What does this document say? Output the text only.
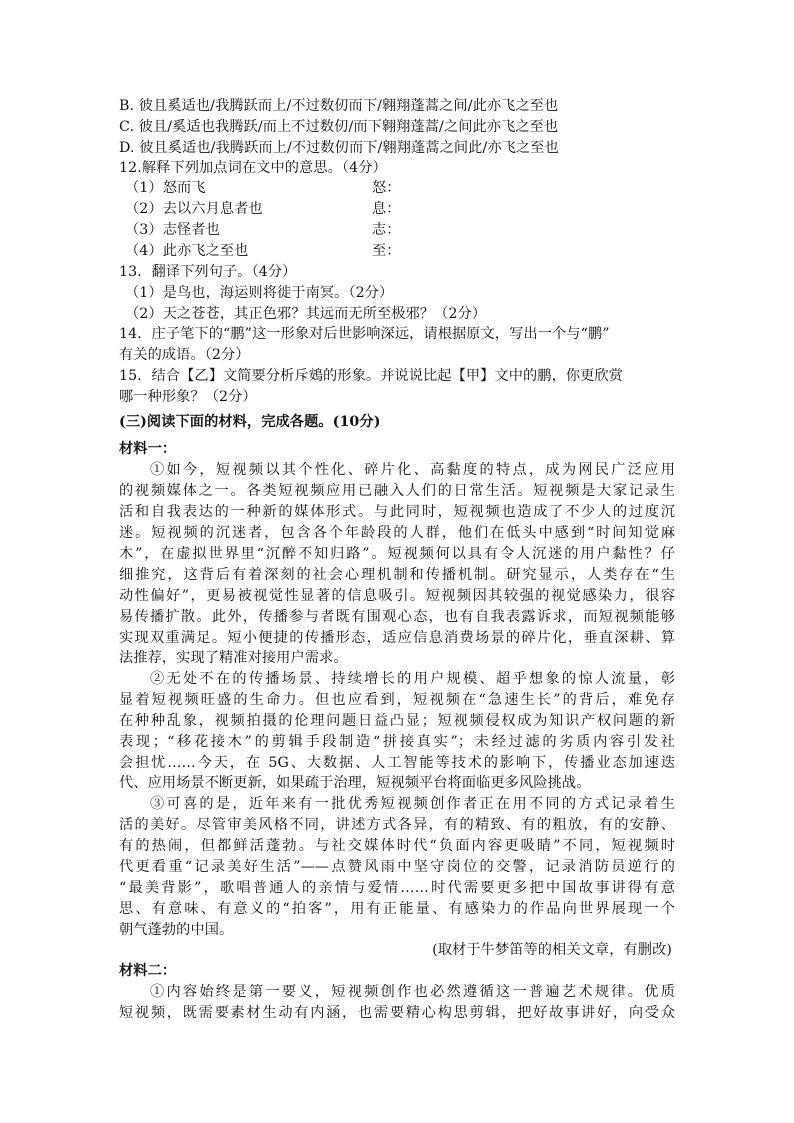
B. 彼且奚适也/我腾跃而上/不过数仞而下/翱翔蓬蒿之间/此亦飞之至也
C. 彼且/奚适也我腾跃/而上不过数仞/而下翱翔蓬蒿/之间此亦飞之至也
D. 彼且奚适也/我腾跃而上/不过数仞而下/翱翔蓬蒿之间此/亦飞之至也
12.解释下列加点词在文中的意思。（4分）
（1）怒而飞	怒：
（2）去以六月息者也	息：
（3）志怪者也	志：
（4）此亦飞之至也	至：
13．翻译下列句子。（4分）
（1）是鸟也，海运则将徙于南冥。（2分）
（2）天之苍苍，其正色邪？其远而无所至极邪？（2分）
14．庄子笔下的“鹏”这一形象对后世影响深远，请根据原文，写出一个与“鹏”
有关的成语。（2分）
15．结合【乙】文简要分析斥鴳的形象。并说说比起【甲】文中的鹏，你更欣赏
哪一种形象？（2分）
(三)阅读下面的材料，完成各题。(10分)
材料一：
①如今，短视频以其个性化、碎片化、高黏度的特点，成为网民广泛应用
的视频媒体之一。各类短视频应用已融入人们的日常生活。短视频是大家记录生
活和自我表达的一种新的媒体形式。与此同时，短视频也造成了不少人的过度沉
迷。短视频的沉迷者，包含各个年龄段的人群，他们在低头中感到“时间知觉麻
木”，在虚拟世界里“沉醉不知归路”。短视频何以具有令人沉迷的用户黏性？仔
细推究，这背后有着深刻的社会心理机制和传播机制。研究显示，人类存在“生
动性偏好”，更易被视觉性显著的信息吸引。短视频因其较强的视觉感染力，很容
易传播扩散。此外，传播参与者既有围观心态，也有自我表露诉求，而短视频能够
实现双重满足。短小便捷的传播形态，适应信息消费场景的碎片化，垂直深耕、算
法推荐，实现了精准对接用户需求。
②无处不在的传播场景、持续增长的用户规模、超乎想象的惊人流量，彰
显着短视频旺盛的生命力。但也应看到，短视频在“急速生长”的背后，难免存
在种种乱象，视频拍摄的伦理问题日益凸显；短视频侵权成为知识产权问题的新
表现；“移花接木”的剪辑手段制造“拼接真实”；未经过滤的劣质内容引发社
会担忧……今天，在 5G、大数据、人工智能等技术的影响下，传播业态加速迭
代、应用场景不断更新，如果疏于治理，短视频平台将面临更多风险挑战。
③可喜的是，近年来有一批优秀短视频创作者正在用不同的方式记录着生
活的美好。尽管审美风格不同，讲述方式各异，有的精致、有的粗放，有的安静、
有的热闹，但都鲜活蓬勃。与社交媒体时代“负面内容更吸睛”不同，短视频时
代更看重“记录美好生活”——点赞风雨中坚守岗位的交警，记录消防员逆行的
“最美背影”，歌唱普通人的亲情与爱情……时代需要更多把中国故事讲得有意
思、有意味、有意义的“拍客”，用有正能量、有感染力的作品向世界展现一个
朝气蓬勃的中国。
(取材于牛梦笛等的相关文章，有删改)
材料二：
①内容始终是第一要义，短视频创作也必然遵循这一普遍艺术规律。优质
短视频，既需要素材生动有内涵，也需要精心构思剪辑，把好故事讲好，向受众
